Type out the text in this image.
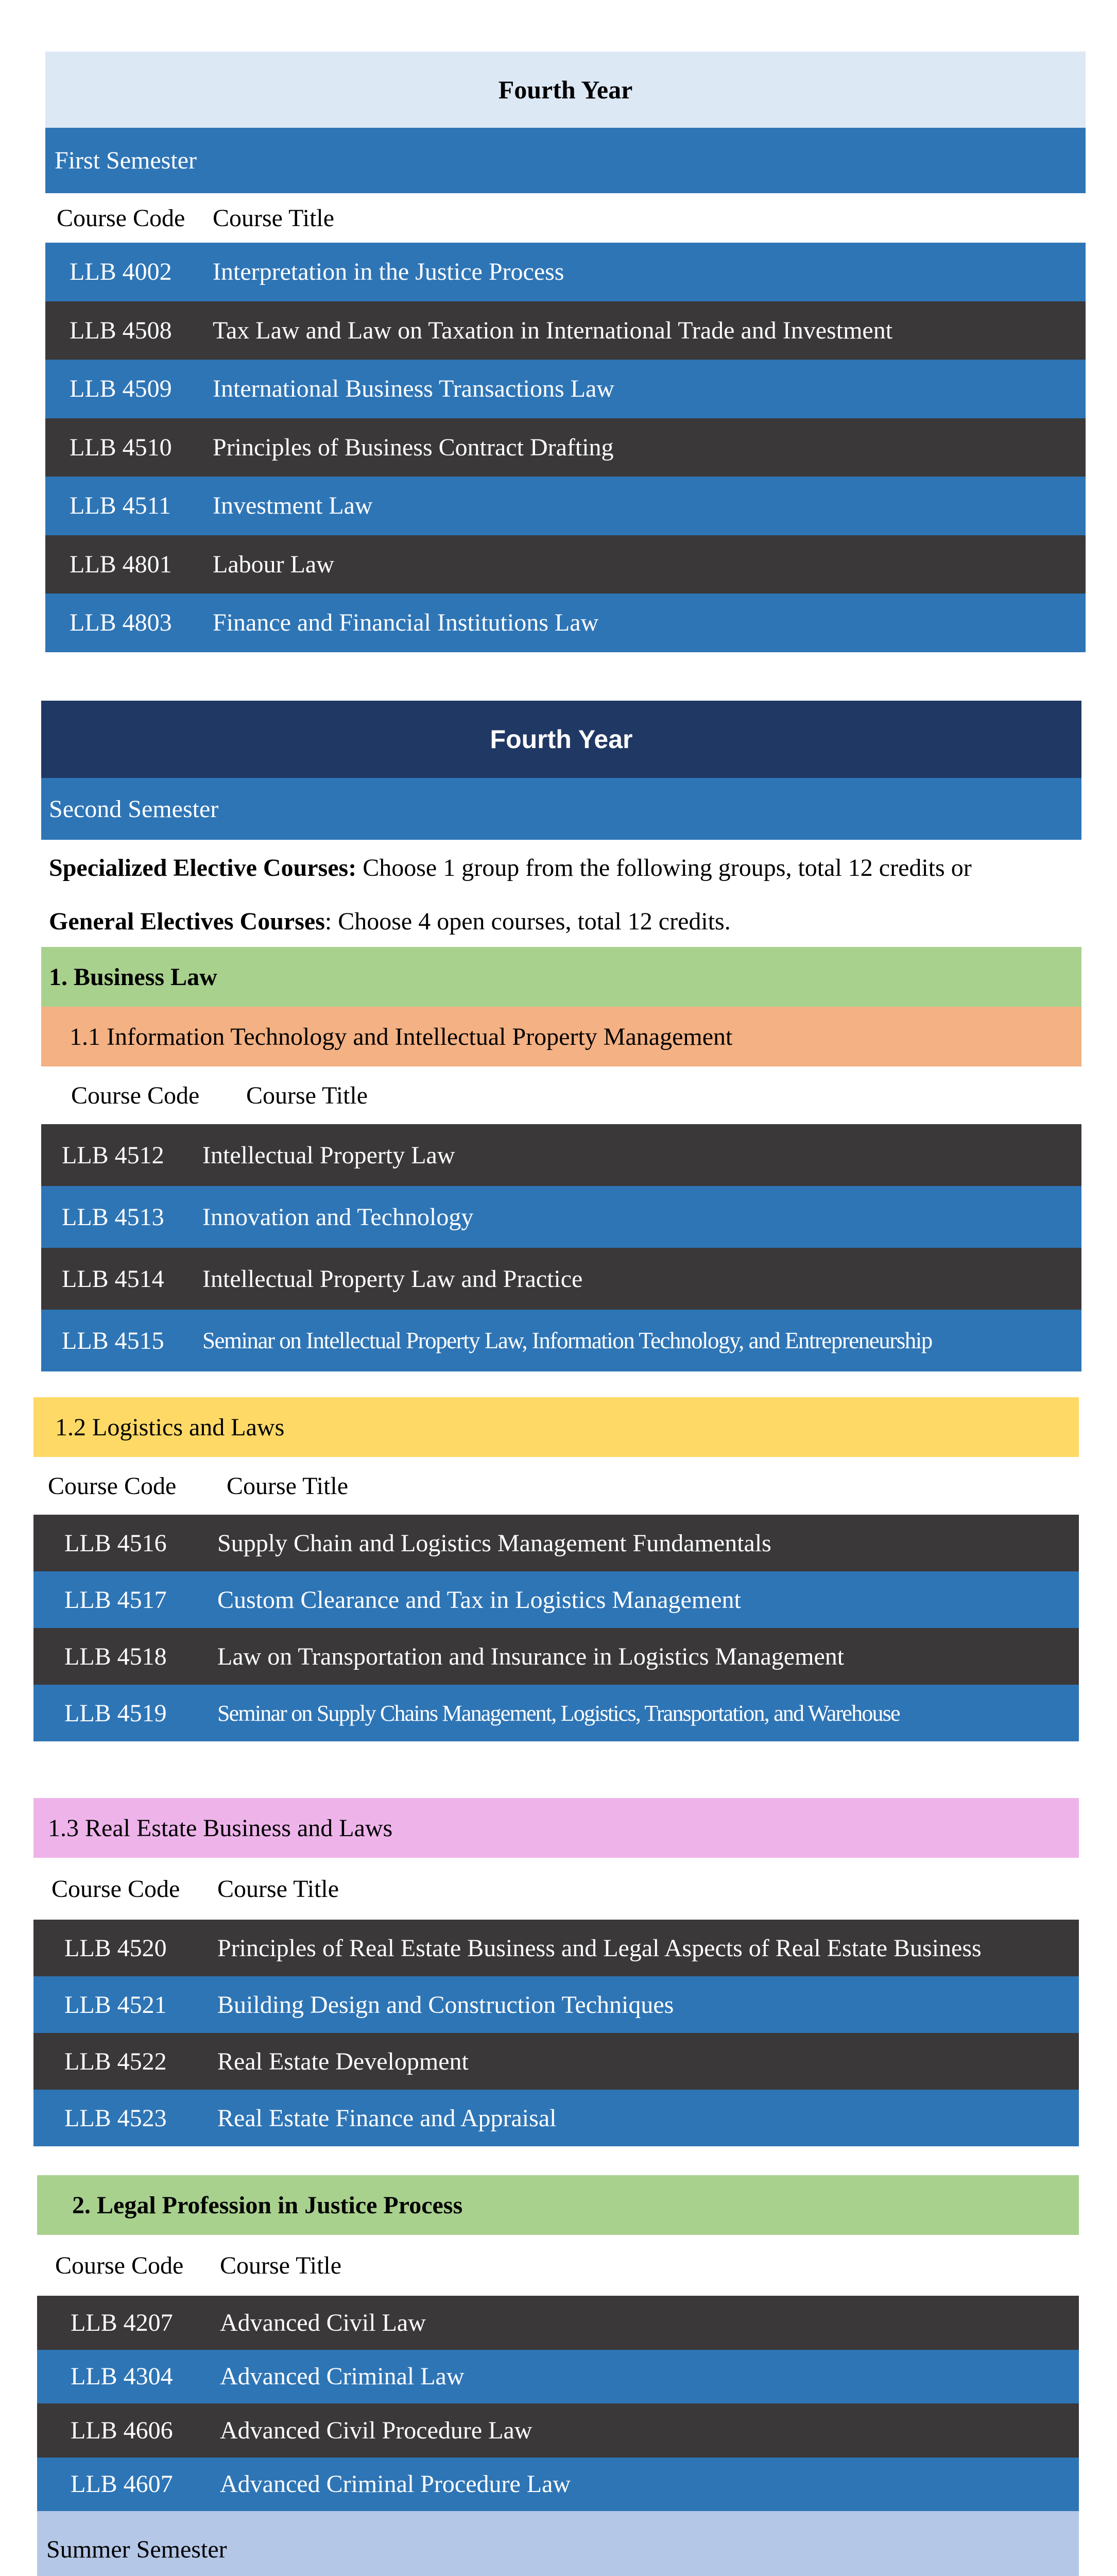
Fourth Year
First Semester
Course Code Course Title
LLB 4002 Interpretation in the Justice Process
LLB 4508 Tax Law and Law on Taxation in International Trade and Investment
LLB 4509 International Business Transactions Law
LLB 4510 Principles of Business Contract Drafting
LLB 4511 Investment Law
LLB 4801 Labour Law
LLB 4803 Finance and Financial Institutions Law
Fourth Year
Second Semester
Specialized Elective Courses: Choose 1 group from the following groups, total 12 credits or
General Electives Courses : Choose 4 open courses, total 12 credits.
1. Business Law
1.1 Information Technology and Intellectual Property Management
Course Code Course Title
LLB 4512 Intellectual Property Law
LLB 4513 Innovation and Technology
LLB 4514 Intellectual Property Law and Practice
LLB 4515 Seminar on Intellectual Property Law, Information Technology, and Entrepreneurship
1.2 Logistics and Laws
Course Code Course Title
LLB 4516 Supply Chain and Logistics Management Fundamentals
LLB 4517 Custom Clearance and Tax in Logistics Management
LLB 4518 Law on Transportation and Insurance in Logistics Management
LLB 4519 Seminar on Supply Chains Management, Logistics, Transportation, and Warehouse
1.3 Real Estate Business and Laws
Course Code Course Title
LLB 4520 Principles of Real Estate Business and Legal Aspects of Real Estate Business
LLB 4521 Building Design and Construction Techniques
LLB 4522 Real Estate Development
LLB 4523 Real Estate Finance and Appraisal
2. Legal Profession in Justice Process
Course Code Course Title
LLB 4207 Advanced Civil Law
LLB 4304 Advanced Criminal Law
LLB 4606 Advanced Civil Procedure Law
LLB 4607 Advanced Criminal Procedure Law
Summer Semester
